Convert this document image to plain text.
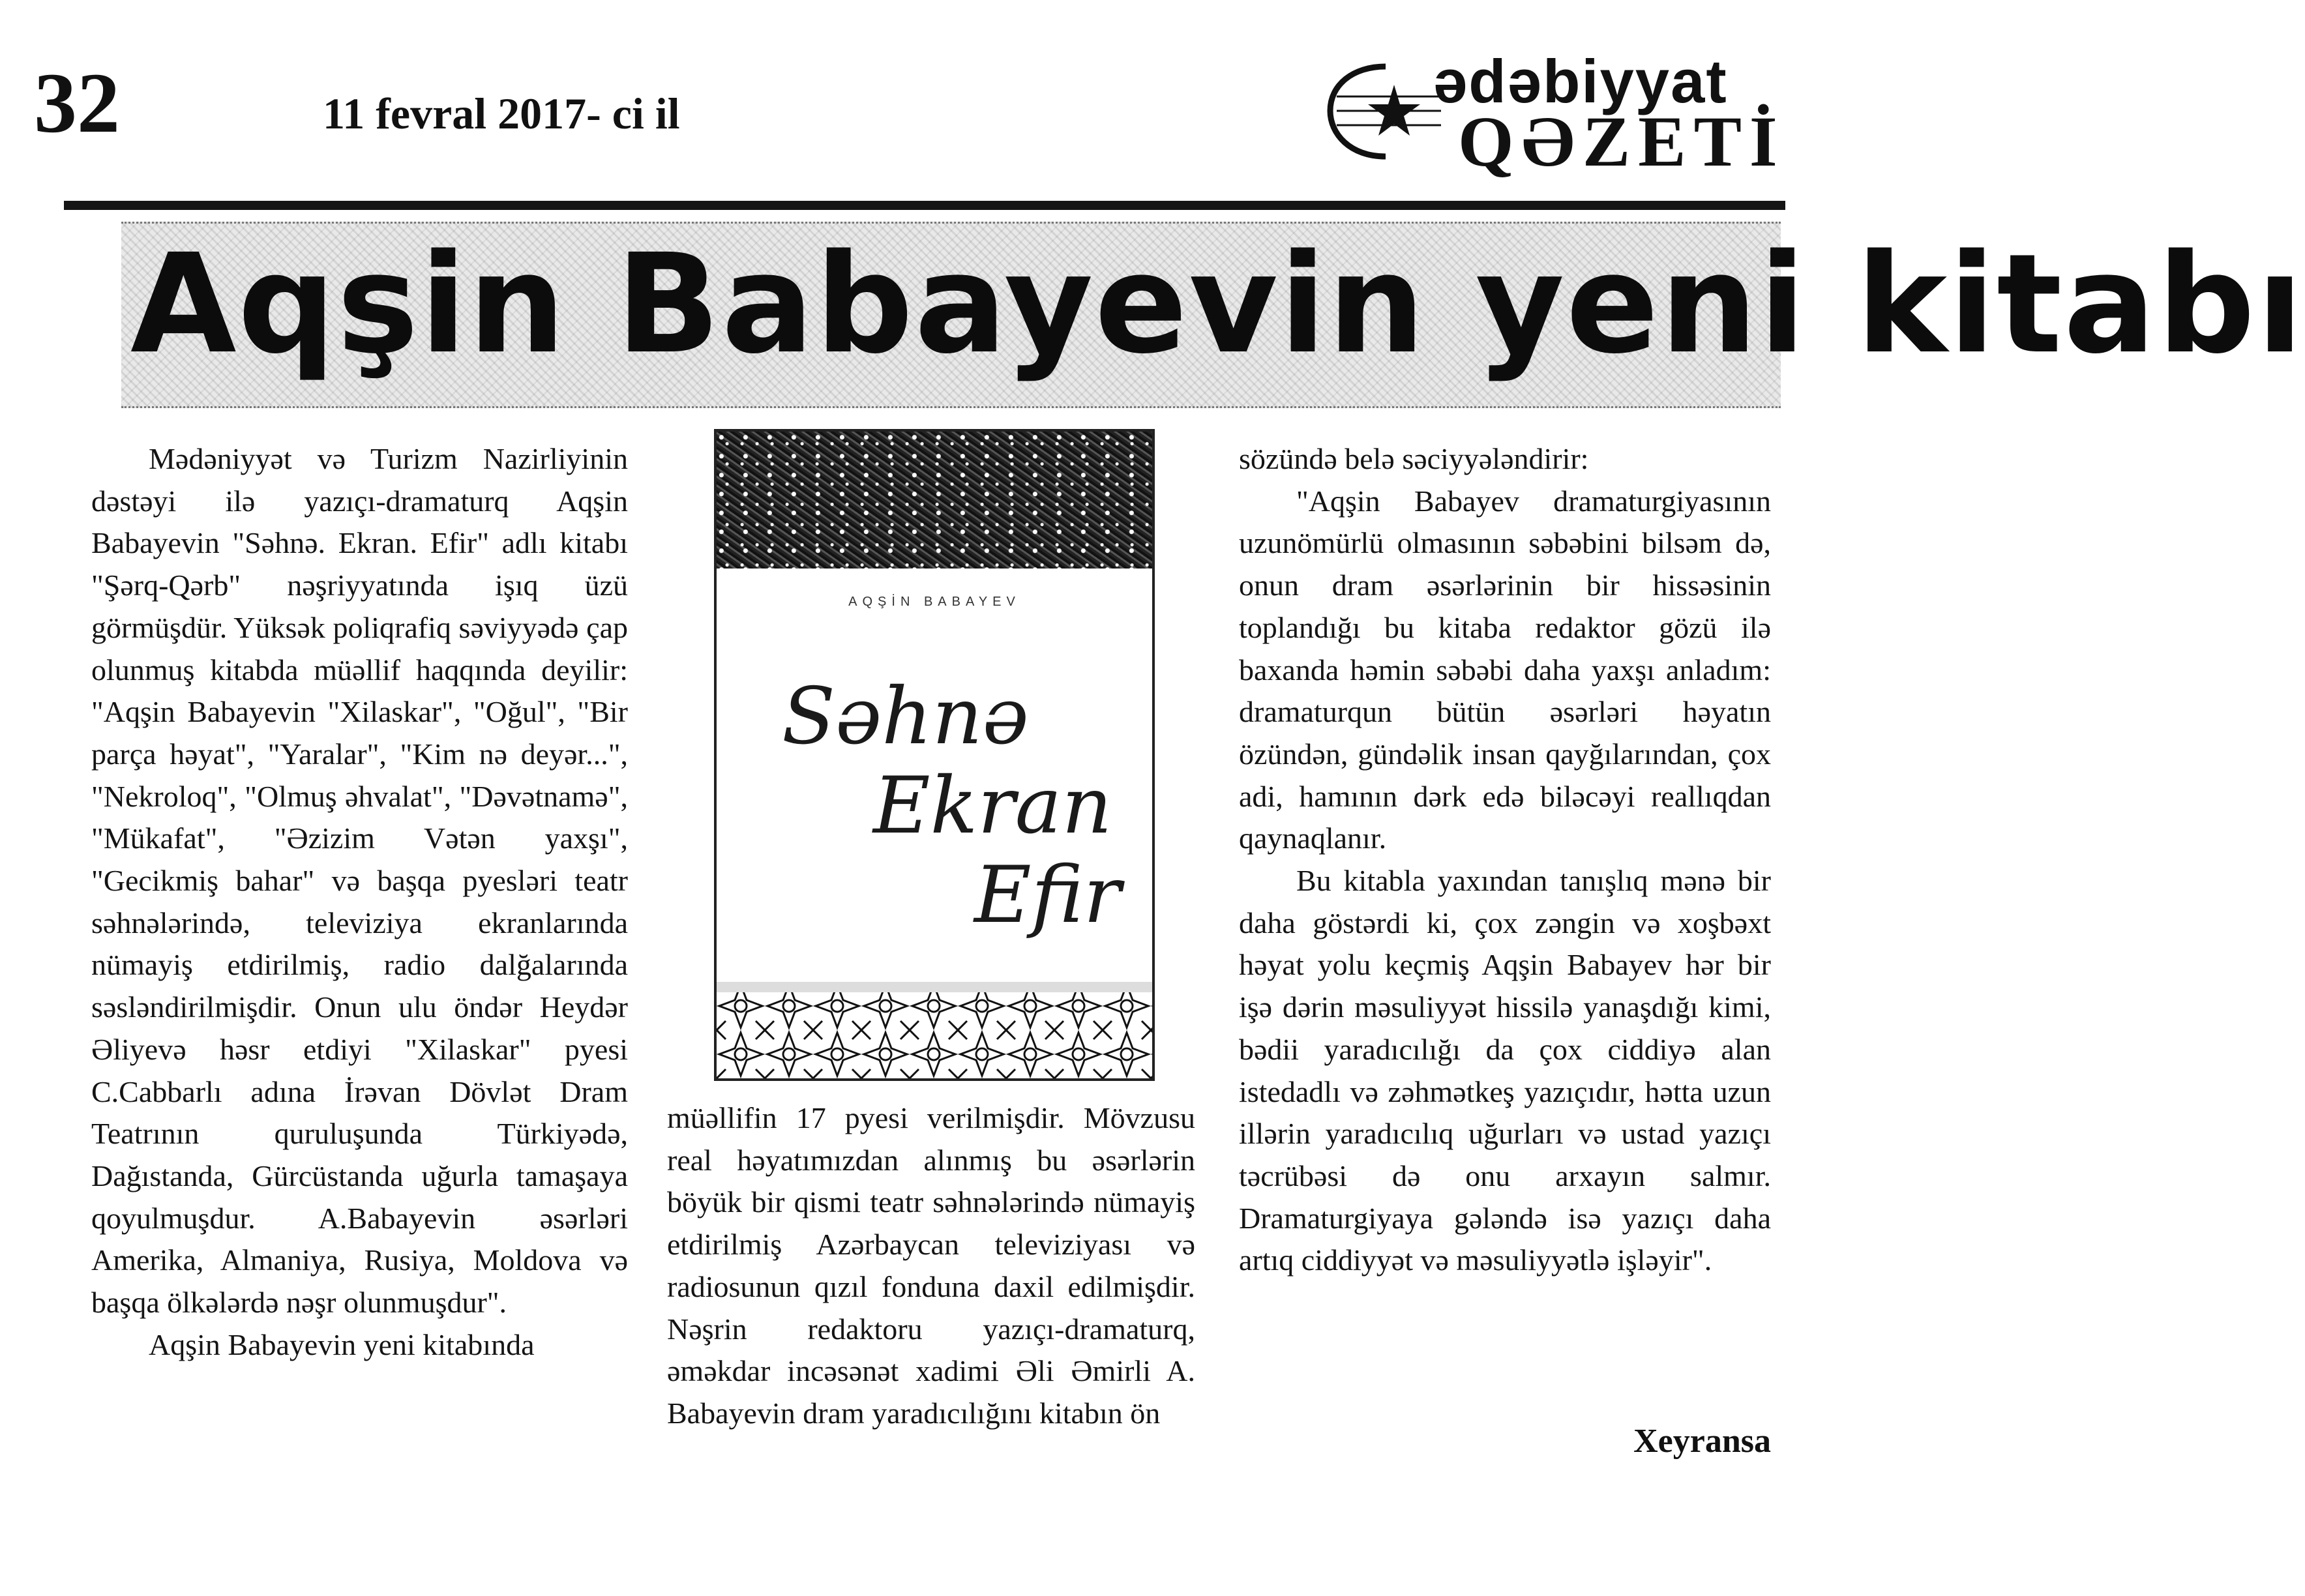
32	11 fevral 2017- ci il	ədəbiyyat
QƏZETİ
Aqşin Babayevin yeni kitabı

Mədəniyyət və Turizm Nazirliyinin dəstəyi ilə yazıçı-dramaturq Aqşin Babayevin "Səhnə. Ekran. Efir" adlı kitabı "Şərq-Qərb" nəşriyyatında işıq üzü görmüşdür. Yüksək poliqrafiq səviyyədə çap olunmuş kitabda müəllif haqqında deyilir: "Aqşin Babayevin "Xilaskar", "Oğul", "Bir parça həyat", "Yaralar", "Kim nə deyər...", "Nekroloq", "Olmuş əhvalat", "Dəvətnamə", "Mükafat", "Əzizim Vətən yaxşı", "Gecikmiş bahar" və başqa pyesləri teatr səhnələrində, televiziya ekranlarında nümayiş etdirilmiş, radio dalğalarında səsləndirilmişdir. Onun ulu öndər Heydər Əliyevə həsr etdiyi "Xilaskar" pyesi C.Cabbarlı adına İrəvan Dövlət Dram Teatrının quruluşunda Türkiyədə, Dağıstanda, Gürcüstanda uğurla tamaşaya qoyulmuşdur. A.Babayevin əsərləri Amerika, Almaniya, Rusiya, Moldova və başqa ölkələrdə nəşr olunmuşdur".

Aqşin Babayevin yeni kitabında

AQŞİN BABAYEV
Səhnə
Ekran
Efir

müəllifin 17 pyesi verilmişdir. Mövzusu real həyatımızdan alınmış bu əsərlərin böyük bir qismi teatr səhnələrində nümayiş etdirilmiş Azərbaycan televiziyası və radiosunun qızıl fonduna daxil edilmişdir. Nəşrin redaktoru yazıçı-dramaturq, əməkdar incəsənət xadimi Əli Əmirli A. Babayevin dram yaradıcılığını kitabın ön

sözündə belə səciyyələndirir:

"Aqşin Babayev dramaturgiyasının uzunömürlü olmasının səbəbini bilsəm də, onun dram əsərlərinin bir hissəsinin toplandığı bu kitaba redaktor gözü ilə baxanda həmin səbəbi daha yaxşı anladım: dramaturqun bütün əsərləri həyatın özündən, gündəlik insan qayğılarından, çox adi, hamının dərk edə biləcəyi reallıqdan qaynaqlanır.

Bu kitabla yaxından tanışlıq mənə bir daha göstərdi ki, çox zəngin və xoşbəxt həyat yolu keçmiş Aqşin Babayev hər bir işə dərin məsuliyyət hissilə yanaşdığı kimi, bədii yaradıcılığı da çox ciddiyə alan istedadlı və zəhmətkeş yazıçıdır, hətta uzun illərin yaradıcılıq uğurları və ustad yazıçı təcrübəsi də onu arxayın salmır. Dramaturgiyaya gələndə isə yazıçı daha artıq ciddiyyət və məsuliyyətlə işləyir".

Xeyransa
